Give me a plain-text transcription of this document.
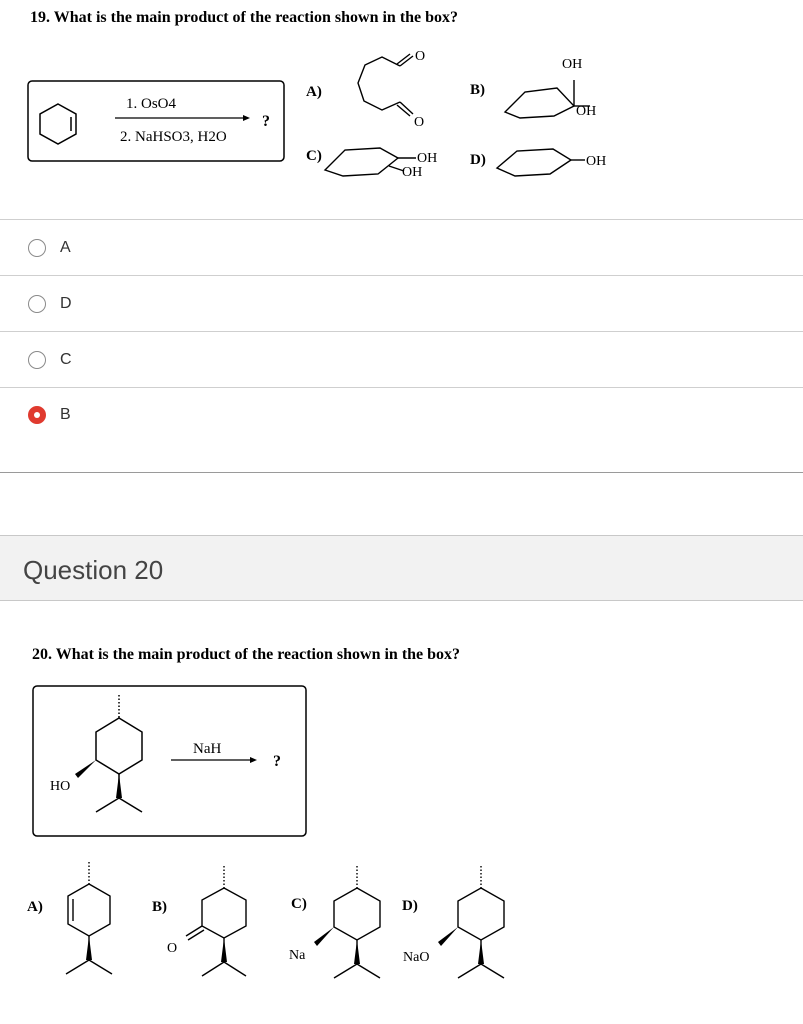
19. What is the main product of the reaction shown in the box?
1. OsO4
2. NaHSO3, H2O
?
A)
O
O
B)
OH
OH
C)	OH
OH
D)	OH
A
D
C
B
Question 20
20. What is the main product of the reaction shown in the box?
HO
NaH
?
A)	B)
O
C)
Na
D)
NaO
